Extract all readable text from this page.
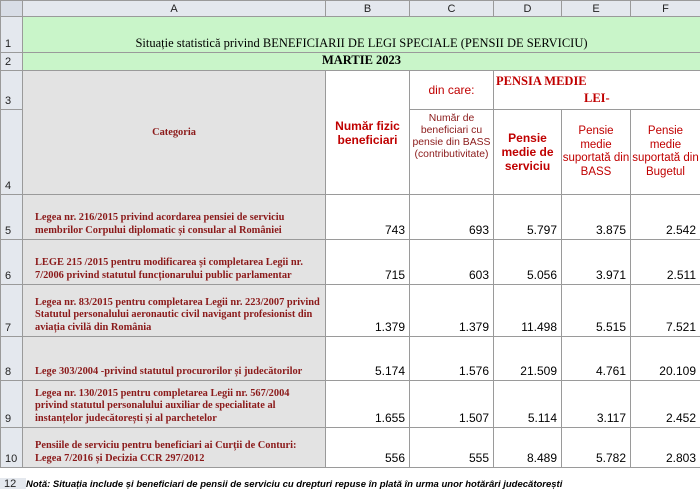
	A	B	C	D	E	F
1	Situație statistică privind BENEFICIARII DE LEGI SPECIALE (PENSII DE SERVICIU)					
2	MARTIE 2023					
3	Categoria	Număr fizic beneficiari	din care:	PENSIA MEDIE
LEI-		

4			Număr de beneficiari cu pensie din BASS (contributivitate)	Pensie medie de serviciu	Pensie medie suportată din BASS	Pensie medie suportată din Bugetul
5	Legea nr. 216/2015 privind acordarea pensiei de serviciu membrilor Corpului diplomatic și consular al României	743	693	5.797	3.875	2.542
6	LEGE 215 /2015 pentru modificarea și completarea Legii nr. 7/2006 privind statutul funcționarului public parlamentar	715	603	5.056	3.971	2.511
7	Legea nr. 83/2015 pentru completarea Legii nr. 223/2007 privind Statutul personalului aeronautic civil navigant profesionist din aviația civilă din România	1.379	1.379	11.498	5.515	7.521
8	Lege 303/2004 -privind statutul procurorilor și judecătorilor	5.174	1.576	21.509	4.761	20.109
9	Legea nr. 130/2015 pentru completarea Legii nr. 567/2004 privind statutul personalului auxiliar de specialitate al instanțelor judecătorești și al parchetelor	1.655	1.507	5.114	3.117	2.452
10	Pensiile de serviciu pentru beneficiari ai Curții de Conturi: Legea 7/2016 și Decizia CCR 297/2012	556	555	8.489	5.782	2.803
12 Notă: Situația include și beneficiari de pensii de serviciu cu drepturi repuse în plată în urma unor hotărâri judecătorești
